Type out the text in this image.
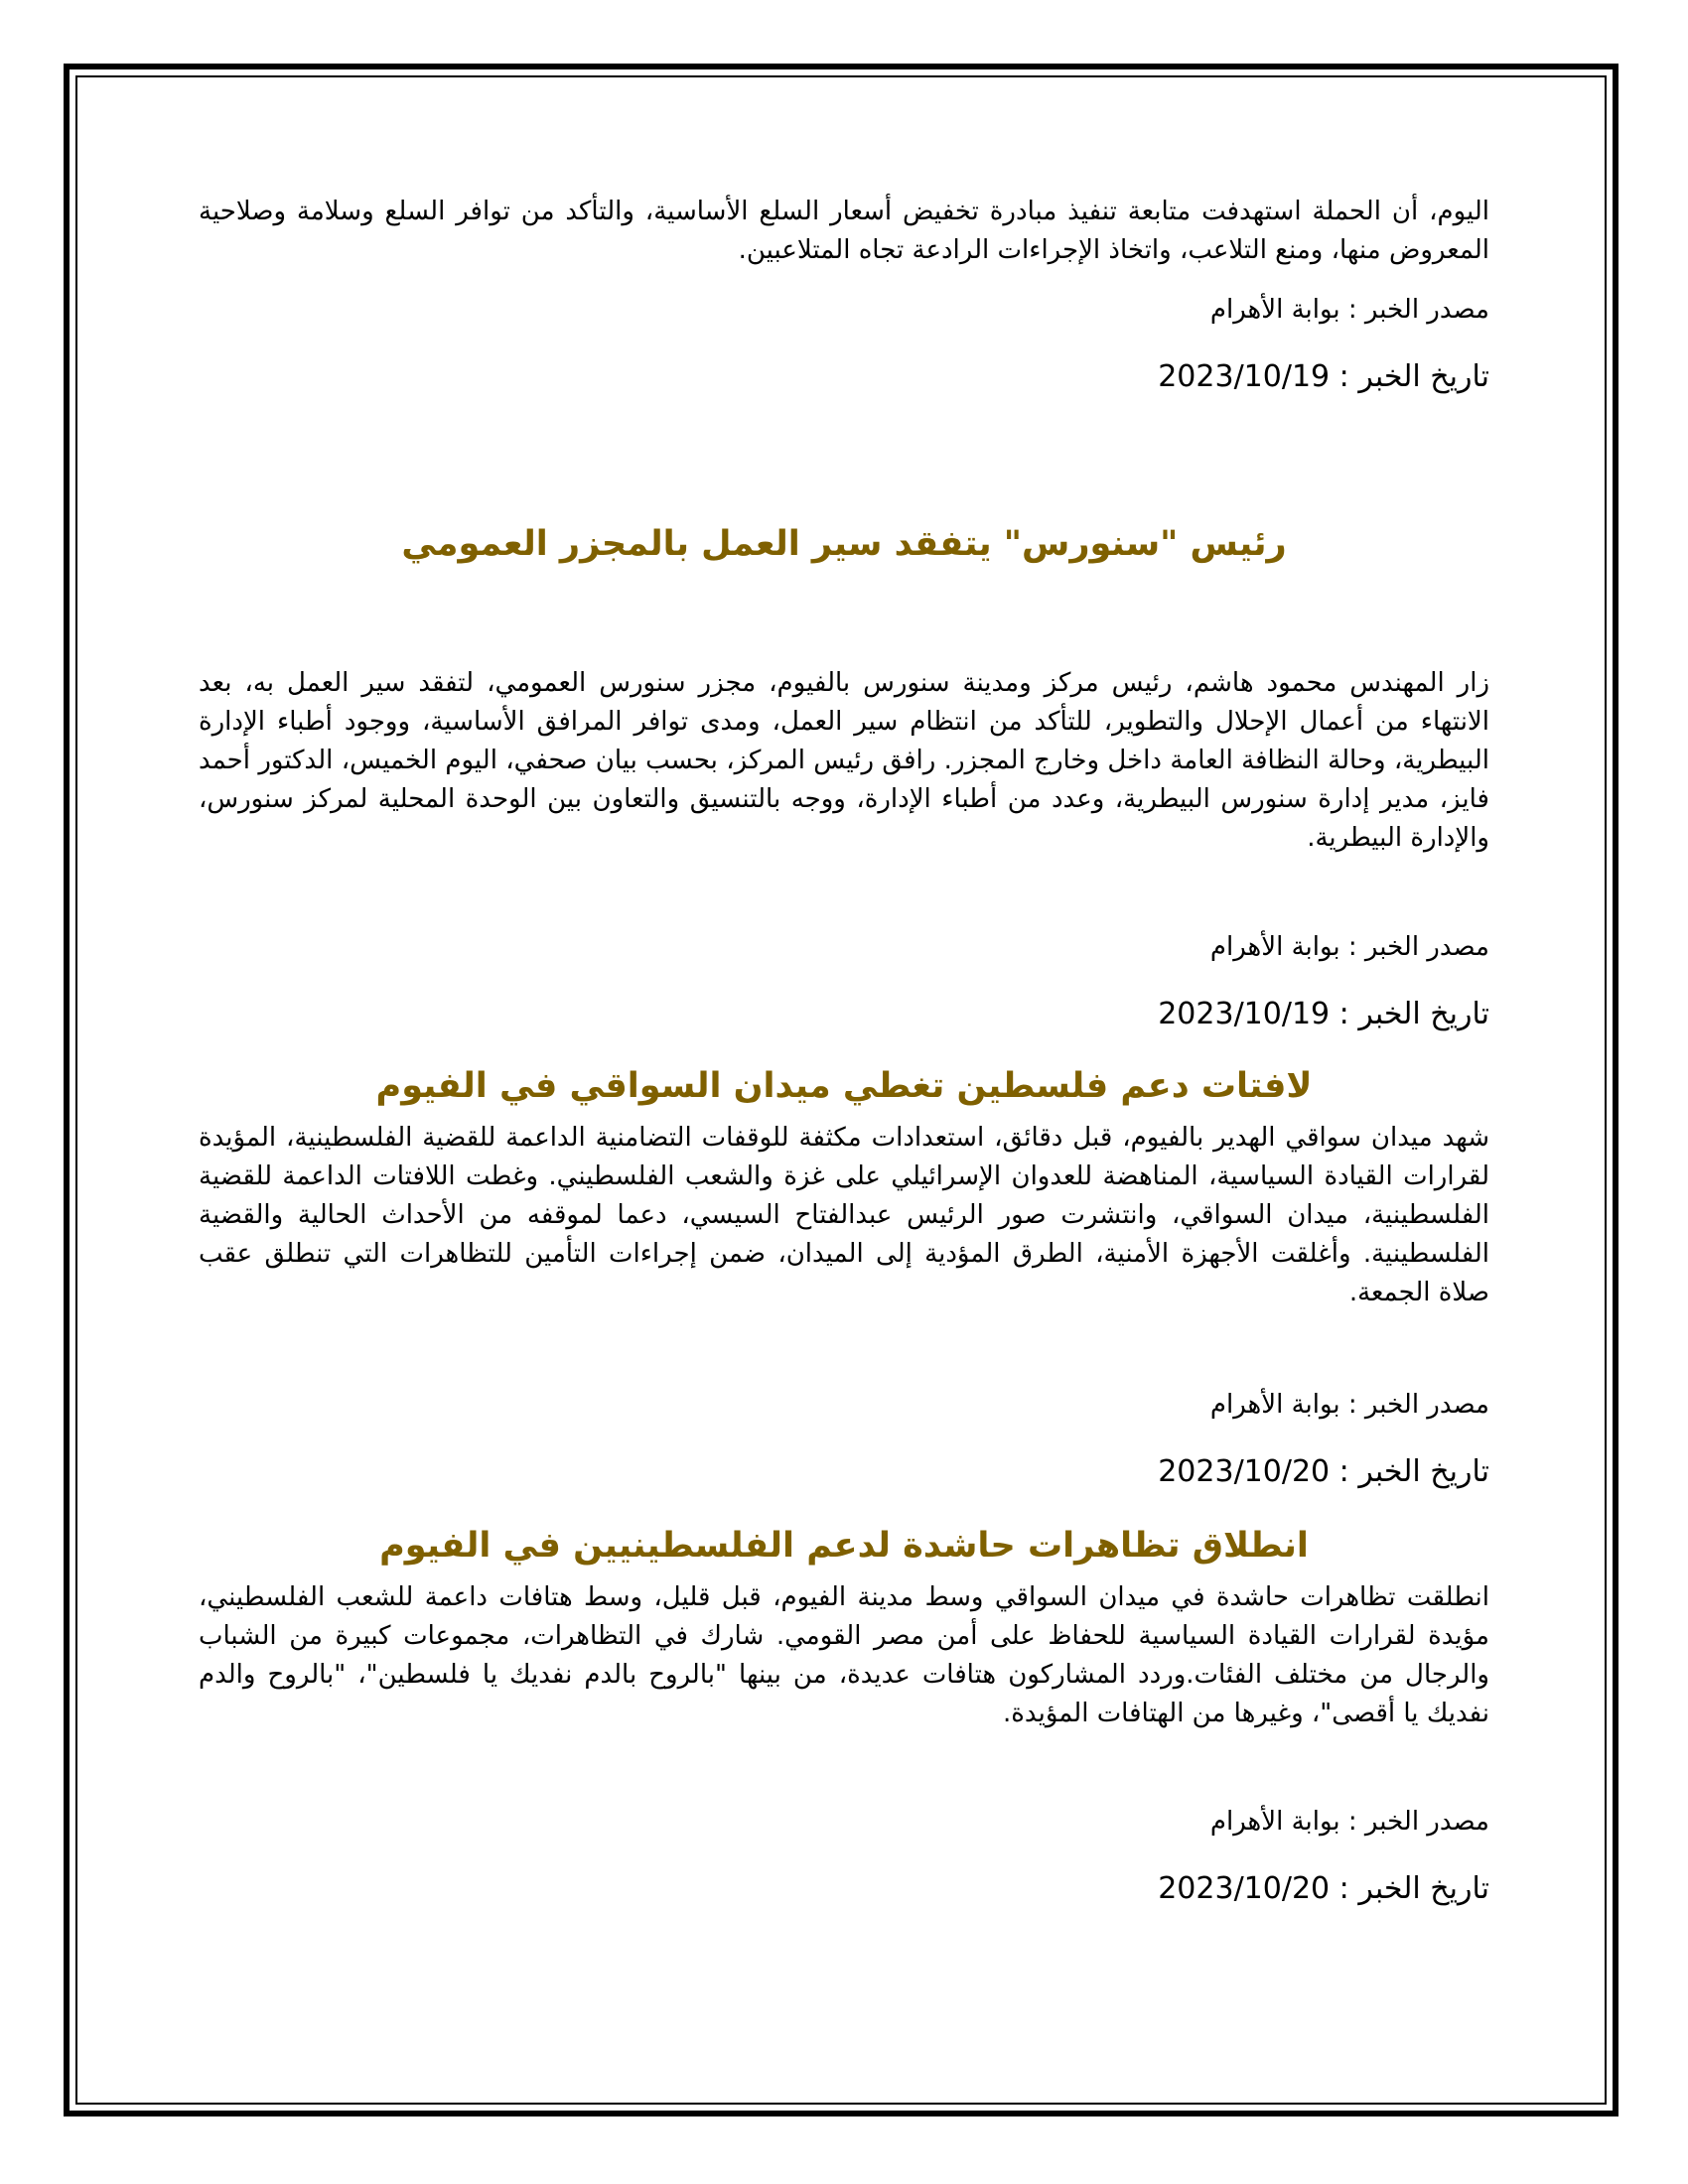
اليوم، أن الحملة استهدفت متابعة تنفيذ مبادرة تخفيض أسعار السلع الأساسية، والتأكد من توافر السلع وسلامة وصلاحية المعروض منها، ومنع التلاعب، واتخاذ الإجراءات الرادعة تجاه المتلاعبين.

مصدر الخبر : بوابة الأهرام

تاريخ الخبر : 2023/10/19

رئيس "سنورس" يتفقد سير العمل بالمجزر العمومي

زار المهندس محمود هاشم، رئيس مركز ومدينة سنورس بالفيوم، مجزر سنورس العمومي، لتفقد سير العمل به، بعد الانتهاء من أعمال الإحلال والتطوير، للتأكد من انتظام سير العمل، ومدى توافر المرافق الأساسية، ووجود أطباء الإدارة البيطرية، وحالة النظافة العامة داخل وخارج المجزر. رافق رئيس المركز، بحسب بيان صحفي، اليوم الخميس، الدكتور أحمد فايز، مدير إدارة سنورس البيطرية، وعدد من أطباء الإدارة، ووجه بالتنسيق والتعاون بين الوحدة المحلية لمركز سنورس، والإدارة البيطرية.

مصدر الخبر : بوابة الأهرام

تاريخ الخبر : 2023/10/19

لافتات دعم فلسطين تغطي ميدان السواقي في الفيوم

شهد ميدان سواقي الهدير بالفيوم، قبل دقائق، استعدادات مكثفة للوقفات التضامنية الداعمة للقضية الفلسطينية، المؤيدة لقرارات القيادة السياسية، المناهضة للعدوان الإسرائيلي على غزة والشعب الفلسطيني. وغطت اللافتات الداعمة للقضية الفلسطينية، ميدان السواقي، وانتشرت صور الرئيس عبدالفتاح السيسي، دعما لموقفه من الأحداث الحالية والقضية الفلسطينية. وأغلقت الأجهزة الأمنية، الطرق المؤدية إلى الميدان، ضمن إجراءات التأمين للتظاهرات التي تنطلق عقب صلاة الجمعة.

مصدر الخبر : بوابة الأهرام

تاريخ الخبر : 2023/10/20

انطلاق تظاهرات حاشدة لدعم الفلسطينيين في الفيوم

انطلقت تظاهرات حاشدة في ميدان السواقي وسط مدينة الفيوم، قبل قليل، وسط هتافات داعمة للشعب الفلسطيني، مؤيدة لقرارات القيادة السياسية للحفاظ على أمن مصر القومي. شارك في التظاهرات، مجموعات كبيرة من الشباب والرجال من مختلف الفئات.وردد المشاركون هتافات عديدة، من بينها "بالروح بالدم نفديك يا فلسطين"، "بالروح والدم نفديك يا أقصى"، وغيرها من الهتافات المؤيدة.

مصدر الخبر : بوابة الأهرام

تاريخ الخبر : 2023/10/20
